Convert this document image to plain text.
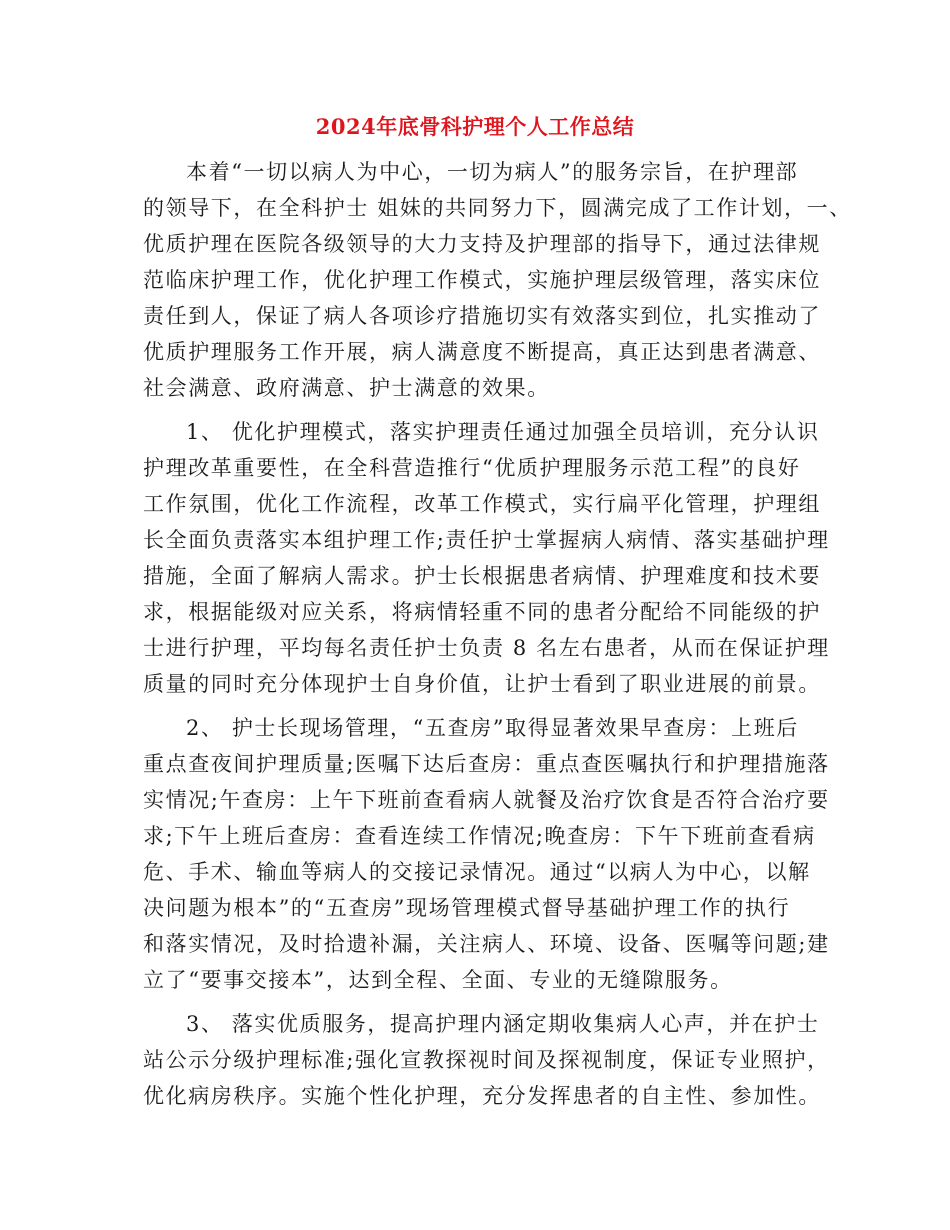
2024年底骨科护理个人工作总结
本着“一切以病人为中心，一切为病人”的服务宗旨，在护理部
的领导下，在全科护士 姐妹的共同努力下，圆满完成了工作计划，一、
优质护理在医院各级领导的大力支持及护理部的指导下，通过法律规
范临床护理工作，优化护理工作模式，实施护理层级管理，落实床位
责任到人，保证了病人各项诊疗措施切实有效落实到位，扎实推动了
优质护理服务工作开展，病人满意度不断提高，真正达到患者满意、
社会满意、政府满意、护士满意的效果。
1、 优化护理模式，落实护理责任通过加强全员培训，充分认识
护理改革重要性，在全科营造推行“优质护理服务示范工程”的良好
工作氛围，优化工作流程，改革工作模式，实行扁平化管理，护理组
长全面负责落实本组护理工作;责任护士掌握病人病情、落实基础护理
措施，全面了解病人需求。护士长根据患者病情、护理难度和技术要
求，根据能级对应关系，将病情轻重不同的患者分配给不同能级的护
士进行护理，平均每名责任护士负责 8 名左右患者，从而在保证护理
质量的同时充分体现护士自身价值，让护士看到了职业进展的前景。
2、 护士长现场管理，“五查房”取得显著效果早查房：上班后
重点查夜间护理质量;医嘱下达后查房：重点查医嘱执行和护理措施落
实情况;午查房：上午下班前查看病人就餐及治疗饮食是否符合治疗要
求;下午上班后查房：查看连续工作情况;晚查房：下午下班前查看病
危、手术、输血等病人的交接记录情况。通过“以病人为中心，以解
决问题为根本”的“五查房”现场管理模式督导基础护理工作的执行
和落实情况，及时拾遗补漏，关注病人、环境、设备、医嘱等问题;建
立了“要事交接本”，达到全程、全面、专业的无缝隙服务。
3、 落实优质服务，提高护理内涵定期收集病人心声，并在护士
站公示分级护理标准;强化宣教探视时间及探视制度，保证专业照护，
优化病房秩序。实施个性化护理，充分发挥患者的自主性、参加性。
